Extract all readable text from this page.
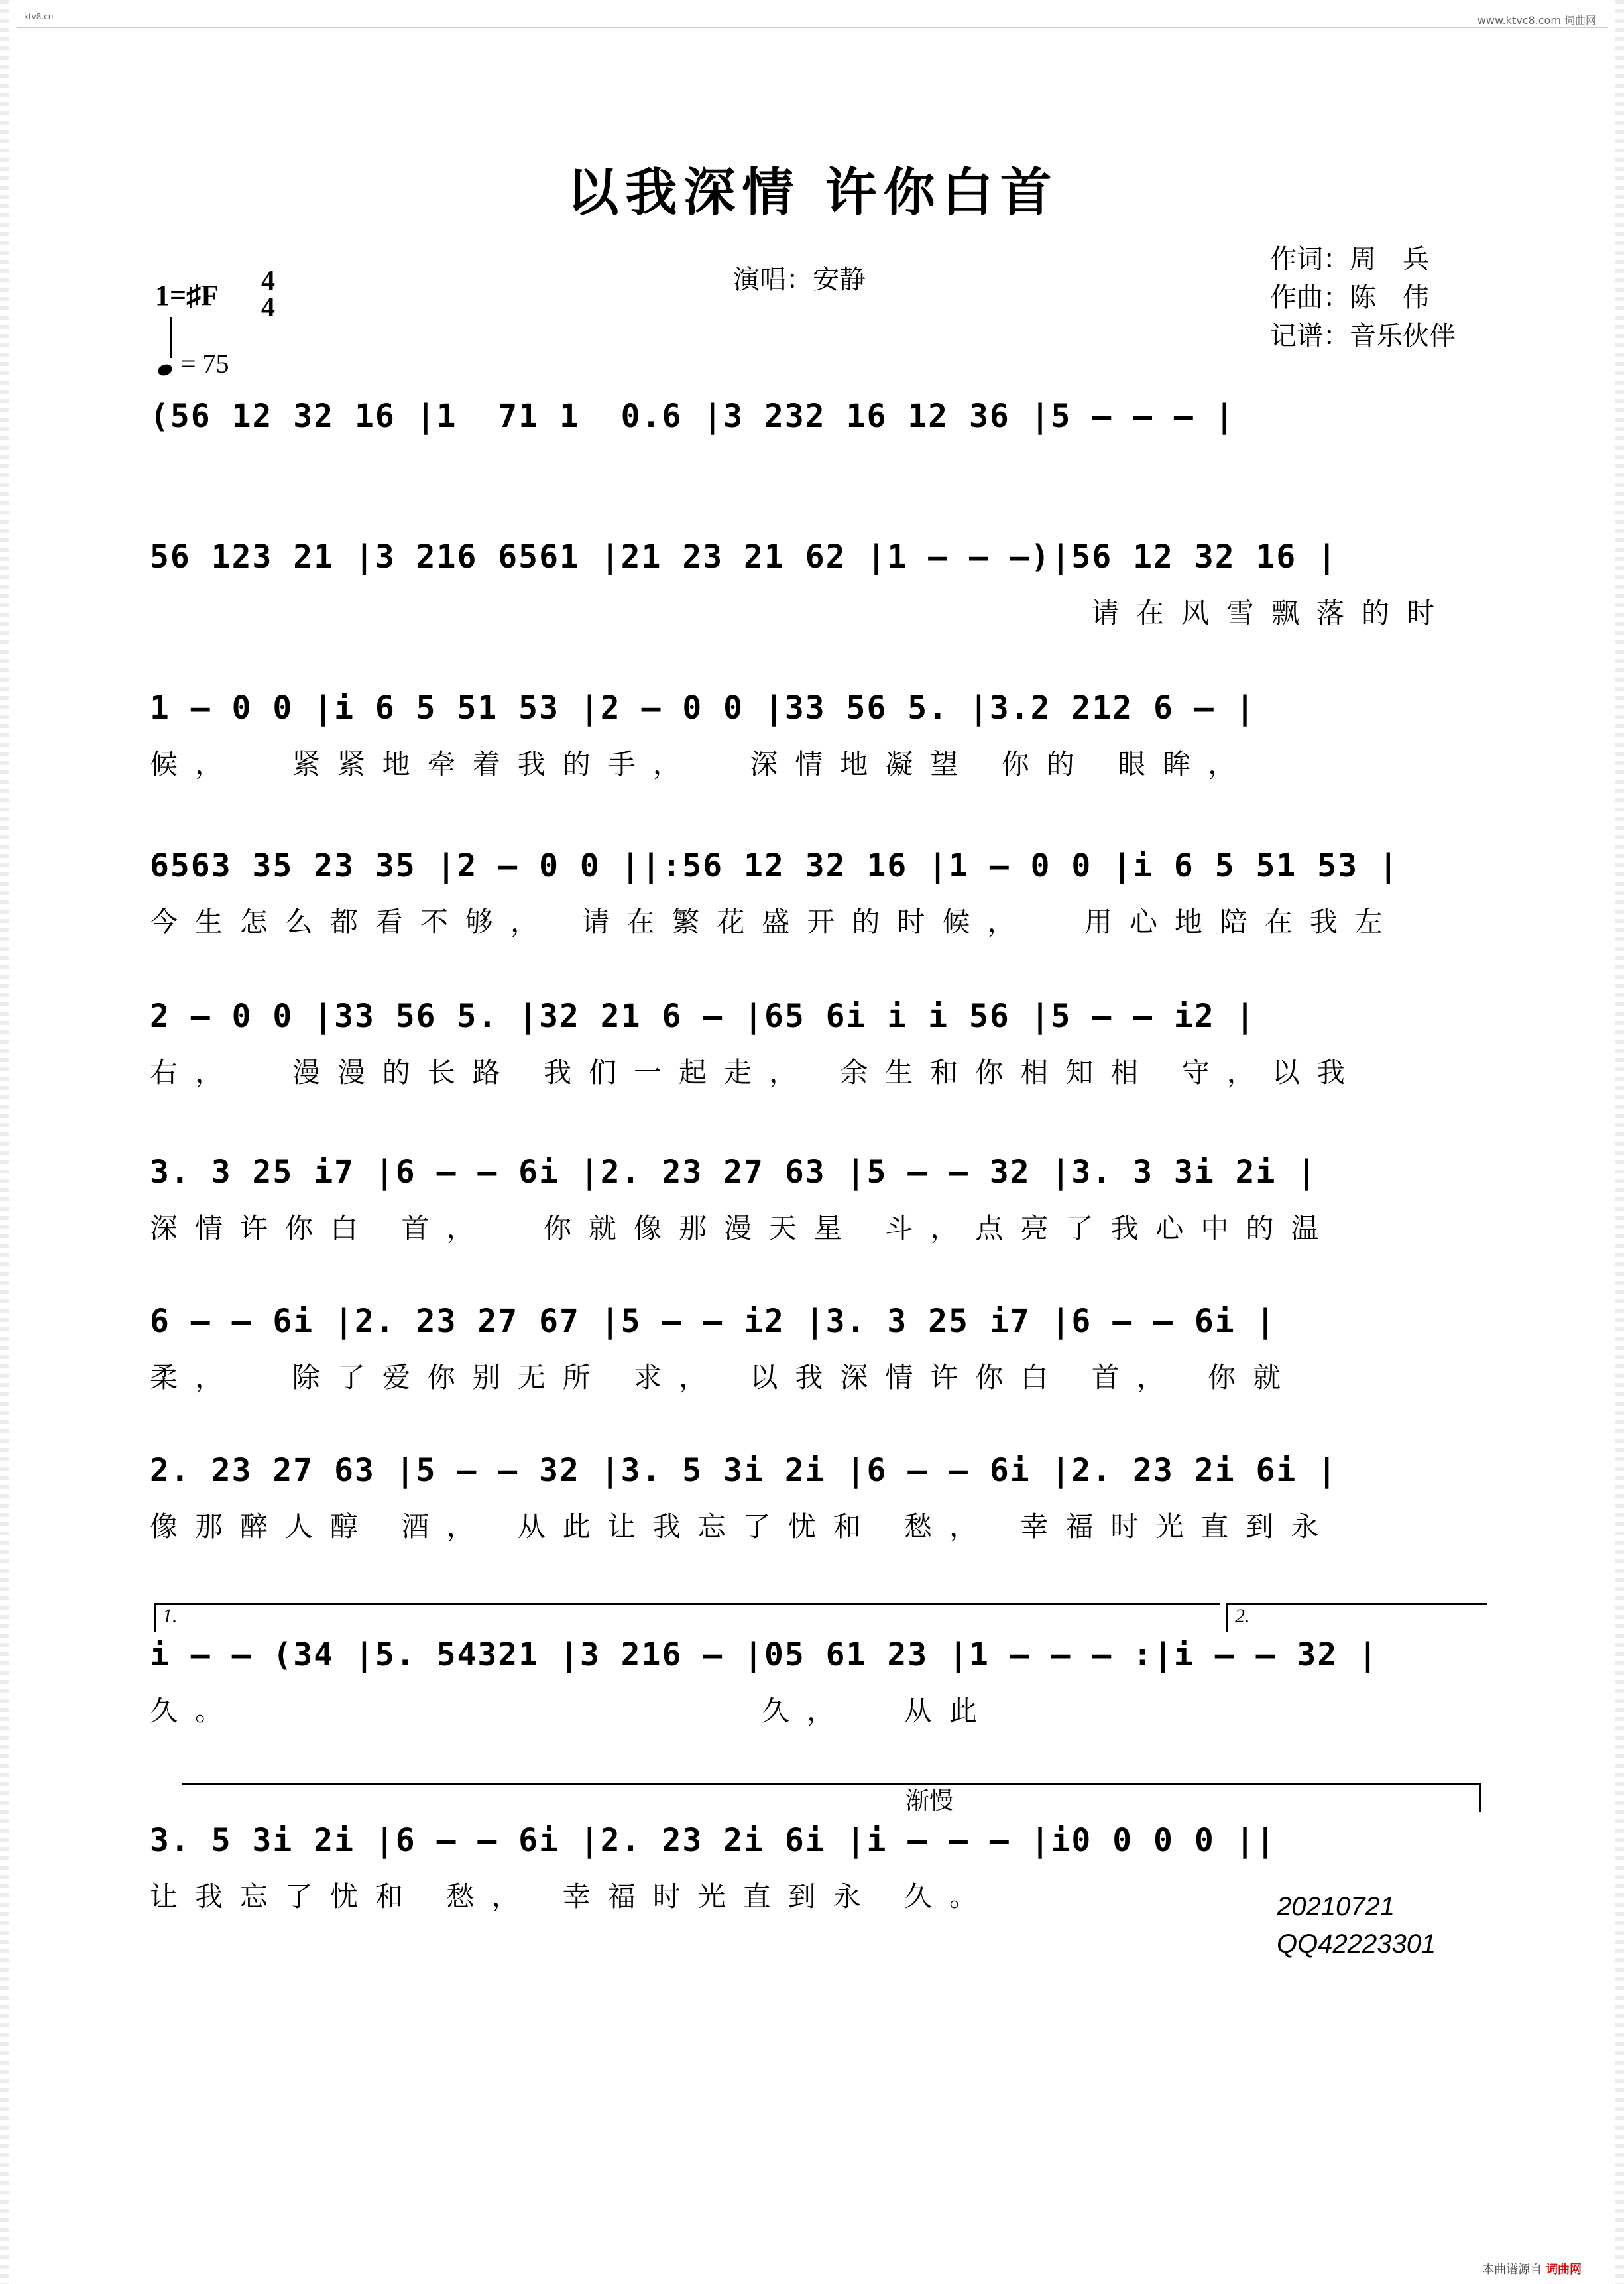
ktv8.cn	www.ktvc8.com 词曲网
以我深情 许你白首
演唱：安静
作词：周　兵
作曲：陈　伟
记谱：音乐伙伴
1=♯F 4
4
= 75
(56 12 32 16 |1  71 1  0.6 |3 232 16 12 36 |5 — — — |
56 123 21 |3 216 6561 |21 23 21 62 |1 — — —)|56 12 32 16 |
请在风雪飘落的时
1 — 0 0 |i 6 5 51 53 |2 — 0 0 |33 56 5. |3.2 212 6 — |
候，  紧紧地牵着我的手，  深情地凝望 你的 眼眸，
6563 35 23 35 |2 — 0 0 ||:56 12 32 16 |1 — 0 0 |i 6 5 51 53 |
今生怎么都看不够， 请在繁花盛开的时候，  用心地陪在我左
2 — 0 0 |33 56 5. |32 21 6 — |65 6i i i 56 |5 — — i2 |
右，  漫漫的长路 我们一起走， 余生和你相知相 守，以我
3. 3 25 i7 |6 — — 6i |2. 23 27 63 |5 — — 32 |3. 3 3i 2i |
深情许你白 首，  你就像那漫天星 斗，点亮了我心中的温
6 — — 6i |2. 23 27 67 |5 — — i2 |3. 3 25 i7 |6 — — 6i |
柔，  除了爱你别无所 求， 以我深情许你白 首， 你就
2. 23 27 63 |5 — — 32 |3. 5 3i 2i |6 — — 6i |2. 23 2i 6i |
像那醉人醇 酒， 从此让我忘了忧和 愁， 幸福时光直到永
1.	2.
i — — (34 |5. 54321 |3 216 — |05 61 23 |1 — — — :|i — — 32 |
久。                    久，  从此
渐慢
3. 5 3i 2i |6 — — 6i |2. 23 2i 6i |i — — — |i0 0 0 0 ||
让我忘了忧和 愁， 幸福时光直到永 久。	20210721
QQ42223301
本曲谱源自 词曲网
